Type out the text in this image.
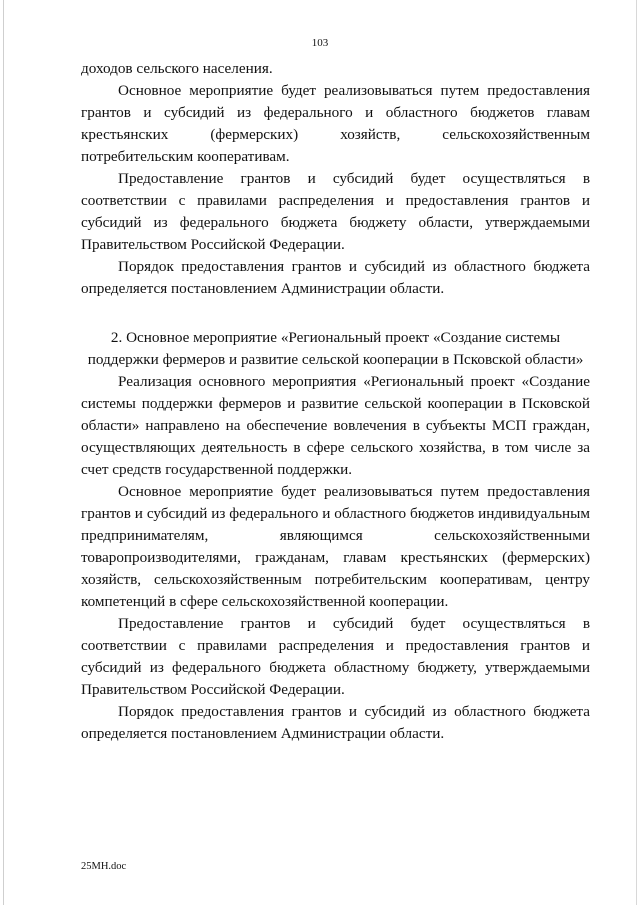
103

доходов сельского населения.

Основное мероприятие будет реализовываться путем предоставления грантов и субсидий из федерального и областного бюджетов главам крестьянских (фермерских) хозяйств, сельскохозяйственным потребительским кооперативам.

Предоставление грантов и субсидий будет осуществляться в соответствии с правилами распределения и предоставления грантов и субсидий из федерального бюджета бюджету области, утверждаемыми Правительством Российской Федерации.

Порядок предоставления грантов и субсидий из областного бюджета определяется постановлением Администрации области.

2. Основное мероприятие «Региональный проект «Создание системы поддержки фермеров и развитие сельской кооперации в Псковской области»

Реализация основного мероприятия «Региональный проект «Создание системы поддержки фермеров и развитие сельской кооперации в Псковской области» направлено на обеспечение вовлечения в субъекты МСП граждан, осуществляющих деятельность в сфере сельского хозяйства, в том числе за счет средств государственной поддержки.

Основное мероприятие будет реализовываться путем предоставления грантов и субсидий из федерального и областного бюджетов индивидуальным предпринимателям, являющимся сельскохозяйственными товаропроизводителями, гражданам, главам крестьянских (фермерских) хозяйств, сельскохозяйственным потребительским кооперативам, центру компетенций в сфере сельскохозяйственной кооперации.

Предоставление грантов и субсидий будет осуществляться в соответствии с правилами распределения и предоставления грантов и субсидий из федерального бюджета областному бюджету, утверждаемыми Правительством Российской Федерации.

Порядок предоставления грантов и субсидий из областного бюджета определяется постановлением Администрации области.

25МН.doc
